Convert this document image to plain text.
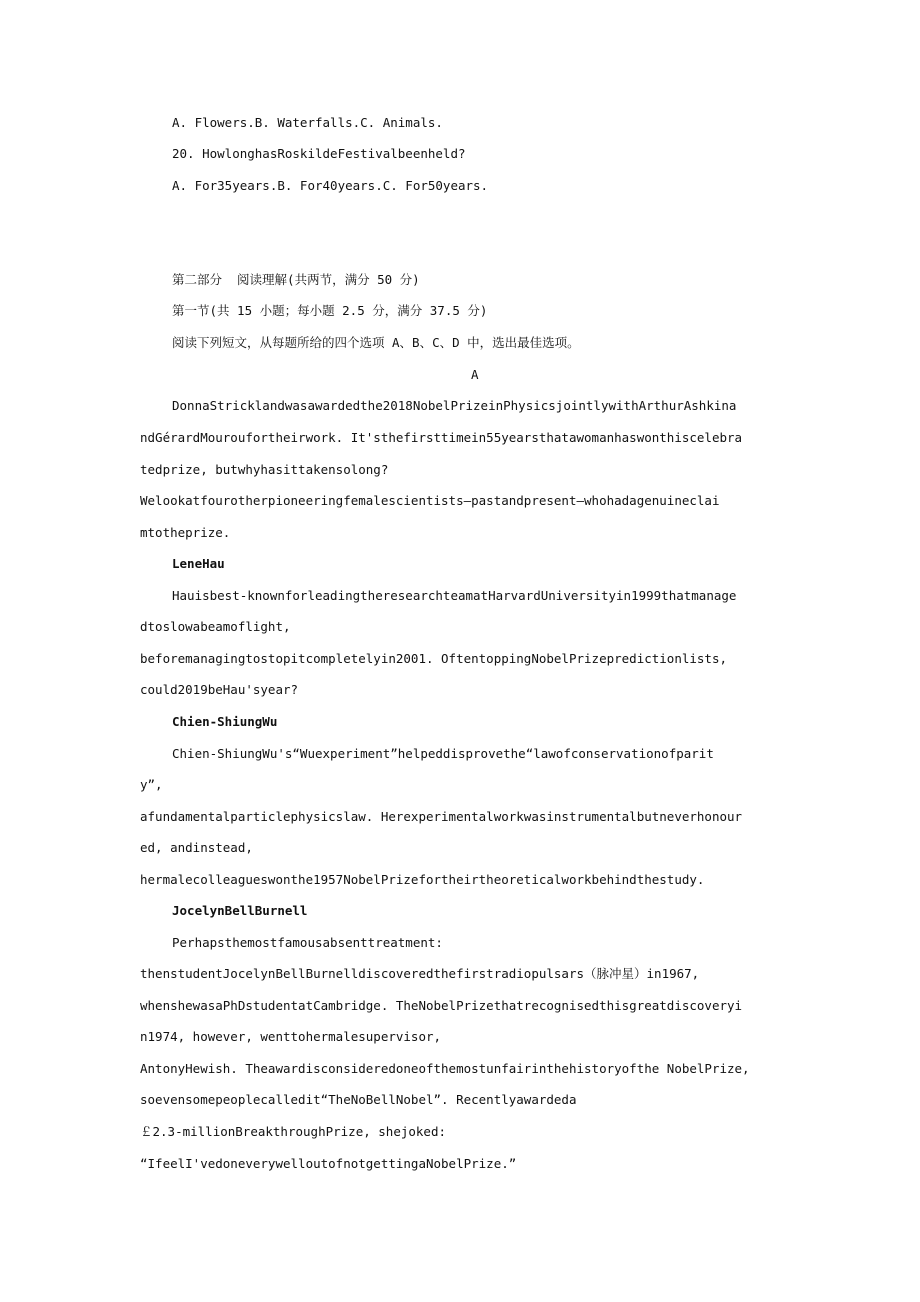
A. Flowers.B. Waterfalls.C. Animals.
20. HowlonghasRoskildeFestivalbeenheld?
A. For35years.B. For40years.C. For50years.
第二部分  阅读理解(共两节，满分 50 分)
第一节(共 15 小题；每小题 2.5 分，满分 37.5 分)
阅读下列短文，从每题所给的四个选项 A、B、C、D 中，选出最佳选项。
A
DonnaStricklandwasawardedthe2018NobelPrizeinPhysicsjointlywithArthurAshkina
ndGérardMouroufortheirwork. It'sthefirsttimein55yearsthatawomanhaswonthiscelebra
tedprize, butwhyhasittakensolong?
Welookatfourotherpioneeringfemalescientists—pastandpresent—whohadagenuineclai
mtotheprize.
LeneHau
Hauisbest-knownforleadingtheresearchteamatHarvardUniversityin1999thatmanage
dtoslowabeamoflight,
beforemanagingtostopitcompletelyin2001. OftentoppingNobelPrizepredictionlists,
could2019beHau'syear?
Chien-ShiungWu
Chien-ShiungWu's“Wuexperiment”helpeddisprovethe“lawofconservationofparit
y”,
afundamentalparticlephysicslaw. Herexperimentalworkwasinstrumentalbutneverhonour
ed, andinstead,
hermalecolleagueswonthe1957NobelPrizefortheirtheoreticalworkbehindthestudy.
JocelynBellBurnell
Perhapsthemostfamousabsenttreatment:
thenstudentJocelynBellBurnelldiscoveredthefirstradiopulsars（脉冲星）in1967,
whenshewasaPhDstudentatCambridge. TheNobelPrizethatrecognisedthisgreatdiscoveryi
n1974, however, wenttohermalesupervisor,
AntonyHewish. Theawardisconsideredoneofthemostunfairinthehistoryofthe NobelPrize,
soevensomepeoplecalledit“TheNoBellNobel”. Recentlyawardeda
￡2.3-millionBreakthroughPrize, shejoked:
“IfeelI'vedoneverywelloutofnotgettingaNobelPrize.”
